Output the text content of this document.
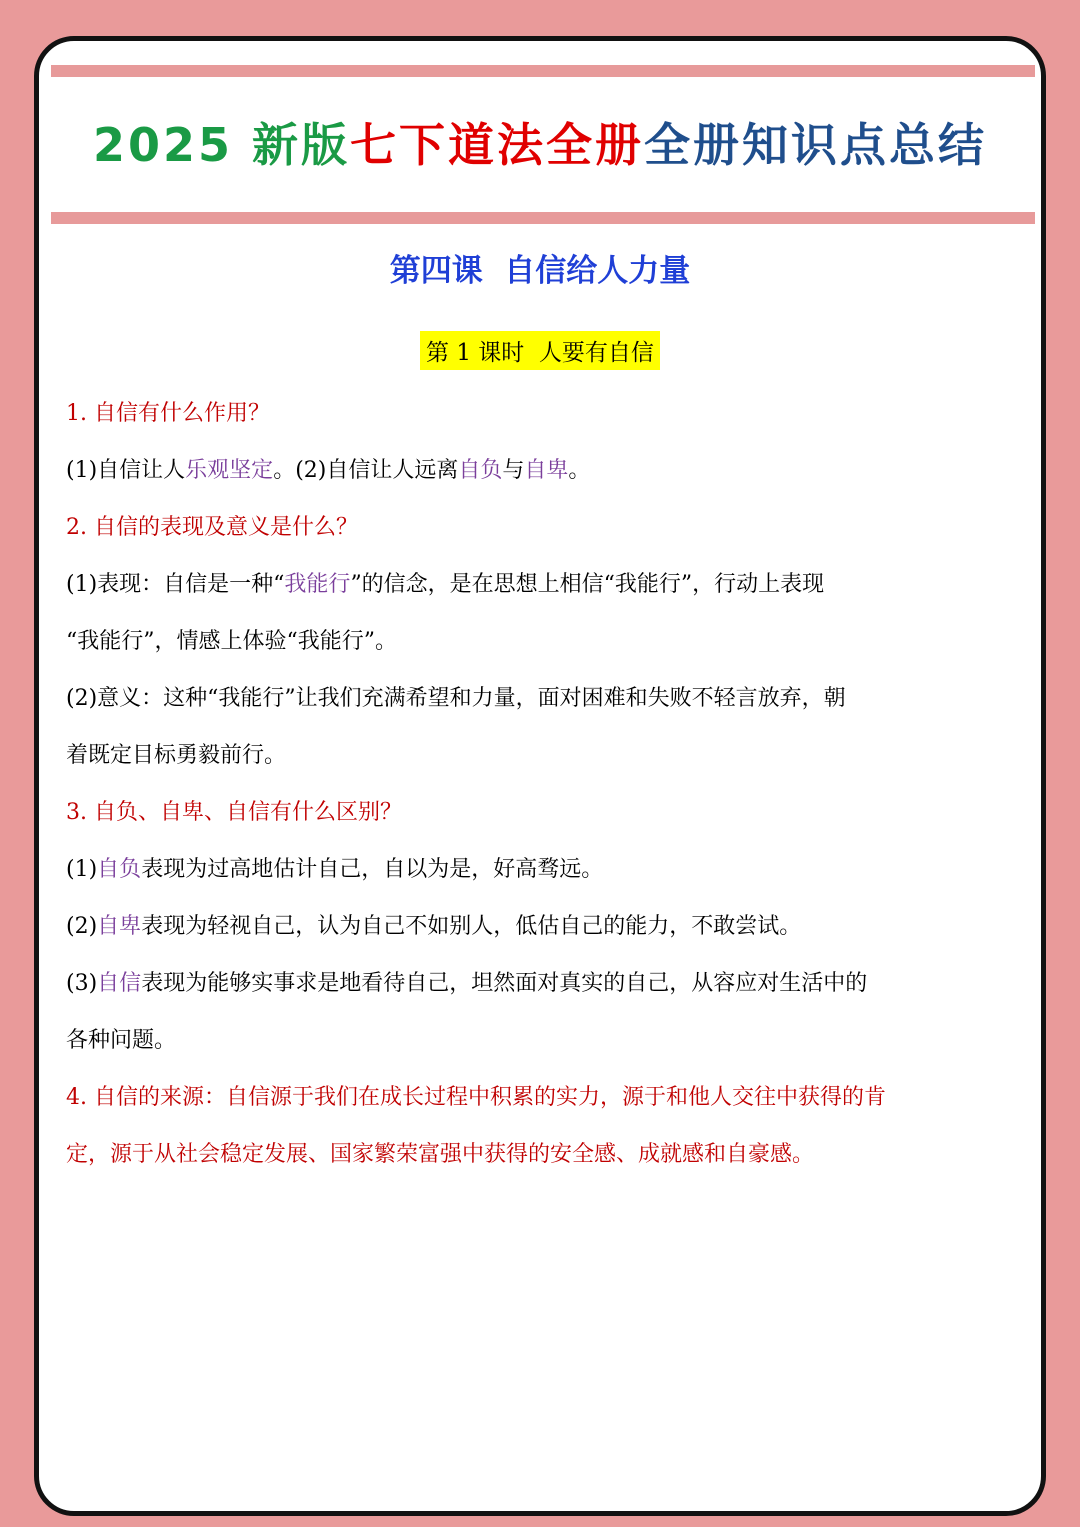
2025 新版七下道法全册全册知识点总结
第四课  自信给人力量
第 1 课时  人要有自信

1. 自信有什么作用？

(1)自信让人乐观坚定。(2)自信让人远离自负与自卑。

2. 自信的表现及意义是什么？

(1)表现：自信是一种“我能行”的信念，是在思想上相信“我能行”，行动上表现

“我能行”，情感上体验“我能行”。

(2)意义：这种“我能行”让我们充满希望和力量，面对困难和失败不轻言放弃，朝

着既定目标勇毅前行。

3. 自负、自卑、自信有什么区别？

(1)自负表现为过高地估计自己，自以为是，好高骛远。

(2)自卑表现为轻视自己，认为自己不如别人，低估自己的能力，不敢尝试。

(3)自信表现为能够实事求是地看待自己，坦然面对真实的自己，从容应对生活中的

各种问题。

4. 自信的来源：自信源于我们在成长过程中积累的实力，源于和他人交往中获得的肯

定，源于从社会稳定发展、国家繁荣富强中获得的安全感、成就感和自豪感。
